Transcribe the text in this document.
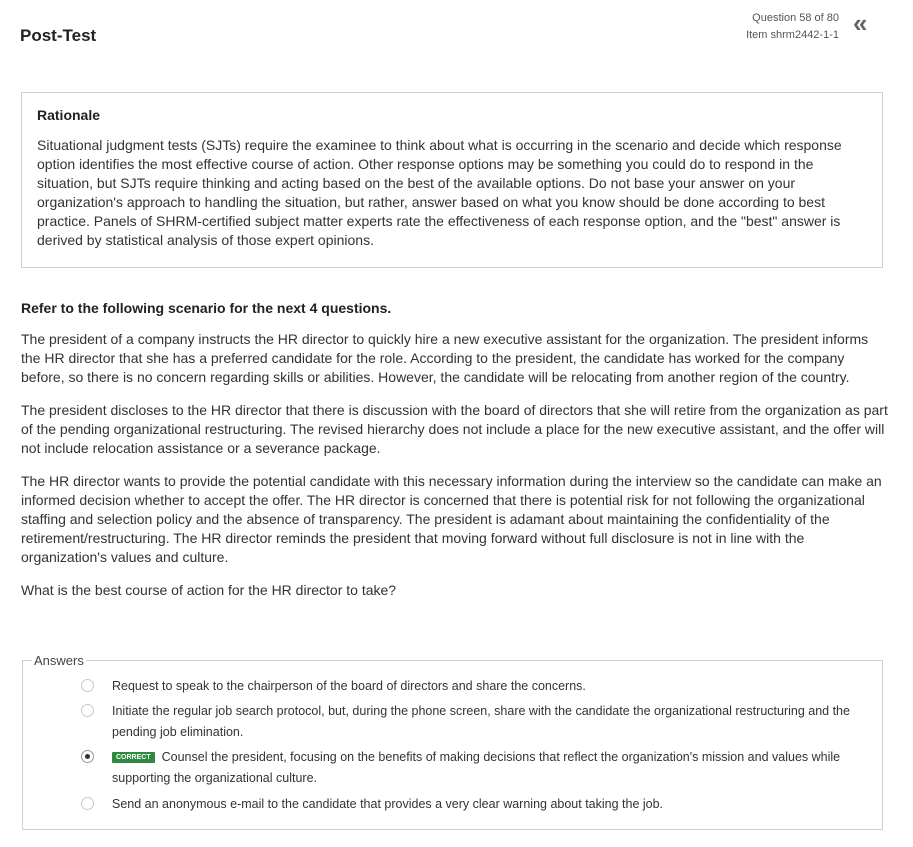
Post-Test
Question 58 of 80
Item shrm2442-1-1 «
Rationale
Situational judgment tests (SJTs) require the examinee to think about what is occurring in the scenario and decide which response option identifies the most effective course of action. Other response options may be something you could do to respond in the situation, but SJTs require thinking and acting based on the best of the available options. Do not base your answer on your organization's approach to handling the situation, but rather, answer based on what you know should be done according to best practice. Panels of SHRM-certified subject matter experts rate the effectiveness of each response option, and the "best" answer is derived by statistical analysis of those expert opinions.
Refer to the following scenario for the next 4 questions.

The president of a company instructs the HR director to quickly hire a new executive assistant for the organization. The president informs the HR director that she has a preferred candidate for the role. According to the president, the candidate has worked for the company before, so there is no concern regarding skills or abilities. However, the candidate will be relocating from another region of the country.

The president discloses to the HR director that there is discussion with the board of directors that she will retire from the organization as part of the pending organizational restructuring. The revised hierarchy does not include a place for the new executive assistant, and the offer will not include relocation assistance or a severance package.

The HR director wants to provide the potential candidate with this necessary information during the interview so the candidate can make an informed decision whether to accept the offer. The HR director is concerned that there is potential risk for not following the organizational staffing and selection policy and the absence of transparency. The president is adamant about maintaining the confidentiality of the retirement/restructuring. The HR director reminds the president that moving forward without full disclosure is not in line with the organization's values and culture.

What is the best course of action for the HR director to take?

Answers
Request to speak to the chairperson of the board of directors and share the concerns.
Initiate the regular job search protocol, but, during the phone screen, share with the candidate the organizational restructuring and the pending job elimination.
CORRECT Counsel the president, focusing on the benefits of making decisions that reflect the organization's mission and values while supporting the organizational culture.
Send an anonymous e-mail to the candidate that provides a very clear warning about taking the job.
